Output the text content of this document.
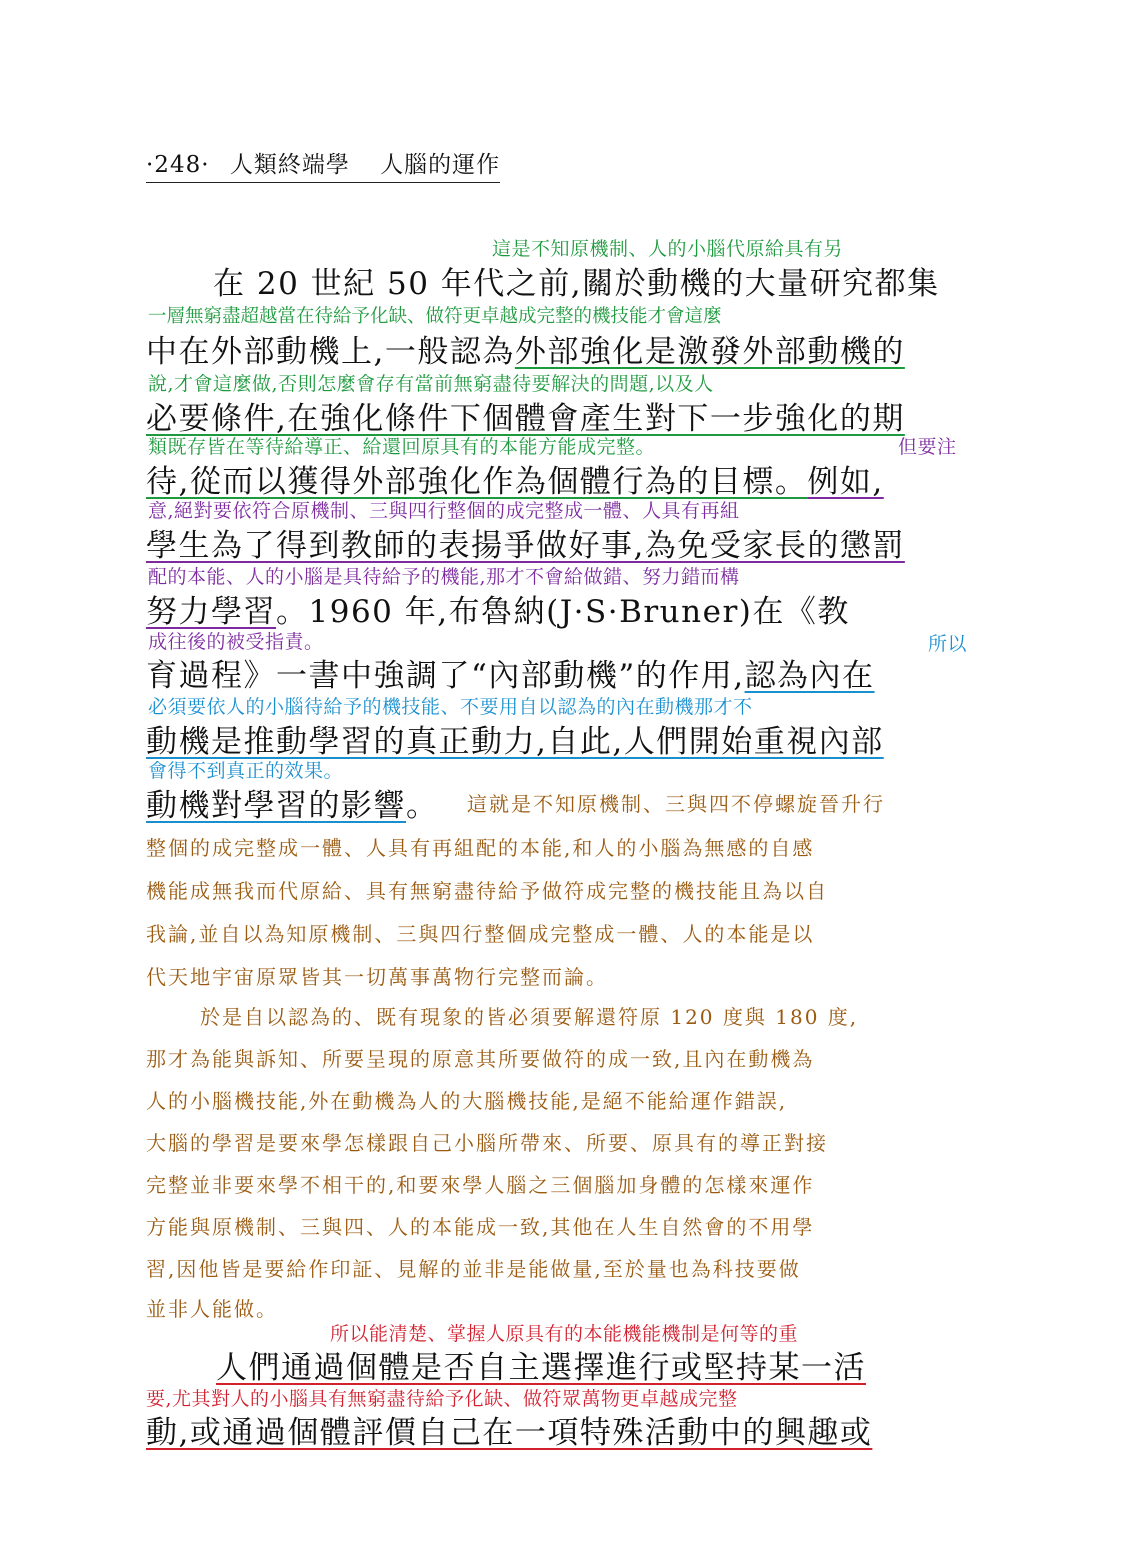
·248· 人類終端學 人腦的運作
這是不知原機制、人的小腦代原給具有另
在 20 世紀 50 年代之前,關於動機的大量研究都集
一層無窮盡超越當在待給予化缺、做符更卓越成完整的機技能才會這麼
中在外部動機上,一般認為外部強化是激發外部動機的
說,才會這麼做,否則怎麼會存有當前無窮盡待要解決的問題,以及人
必要條件,在強化條件下個體會產生對下一步強化的期
類既存皆在等待給導正、給還回原具有的本能方能成完整。	但要注
待,從而以獲得外部強化作為個體行為的目標。例如,
意,絕對要依符合原機制、三與四行整個的成完整成一體、人具有再組
學生為了得到教師的表揚爭做好事,為免受家長的懲罰
配的本能、人的小腦是具待給予的機能,那才不會給做錯、努力錯而構
努力學習。1960 年,布魯納(J·S·Bruner)在《教
成往後的被受指責。	所以
育過程》一書中強調了“內部動機”的作用,認為內在
必須要依人的小腦待給予的機技能、不要用自以認為的內在動機那才不
動機是推動學習的真正動力,自此,人們開始重視內部
會得不到真正的效果。
動機對學習的影響。 這就是不知原機制、三與四不停螺旋晉升行
整個的成完整成一體、人具有再組配的本能,和人的小腦為無感的自感
機能成無我而代原給、具有無窮盡待給予做符成完整的機技能且為以自
我論,並自以為知原機制、三與四行整個成完整成一體、人的本能是以
代天地宇宙原眾皆其一切萬事萬物行完整而論。
於是自以認為的、既有現象的皆必須要解還符原 120 度與 180 度,
那才為能與訴知、所要呈現的原意其所要做符的成一致,且內在動機為
人的小腦機技能,外在動機為人的大腦機技能,是絕不能給運作錯誤,
大腦的學習是要來學怎樣跟自己小腦所帶來、所要、原具有的導正對接
完整並非要來學不相干的,和要來學人腦之三個腦加身體的怎樣來運作
方能與原機制、三與四、人的本能成一致,其他在人生自然會的不用學
習,因他皆是要給作印証、見解的並非是能做量,至於量也為科技要做
並非人能做。
所以能清楚、掌握人原具有的本能機能機制是何等的重
人們通過個體是否自主選擇進行或堅持某一活
要,尤其對人的小腦具有無窮盡待給予化缺、做符眾萬物更卓越成完整
動,或通過個體評價自己在一項特殊活動中的興趣或
